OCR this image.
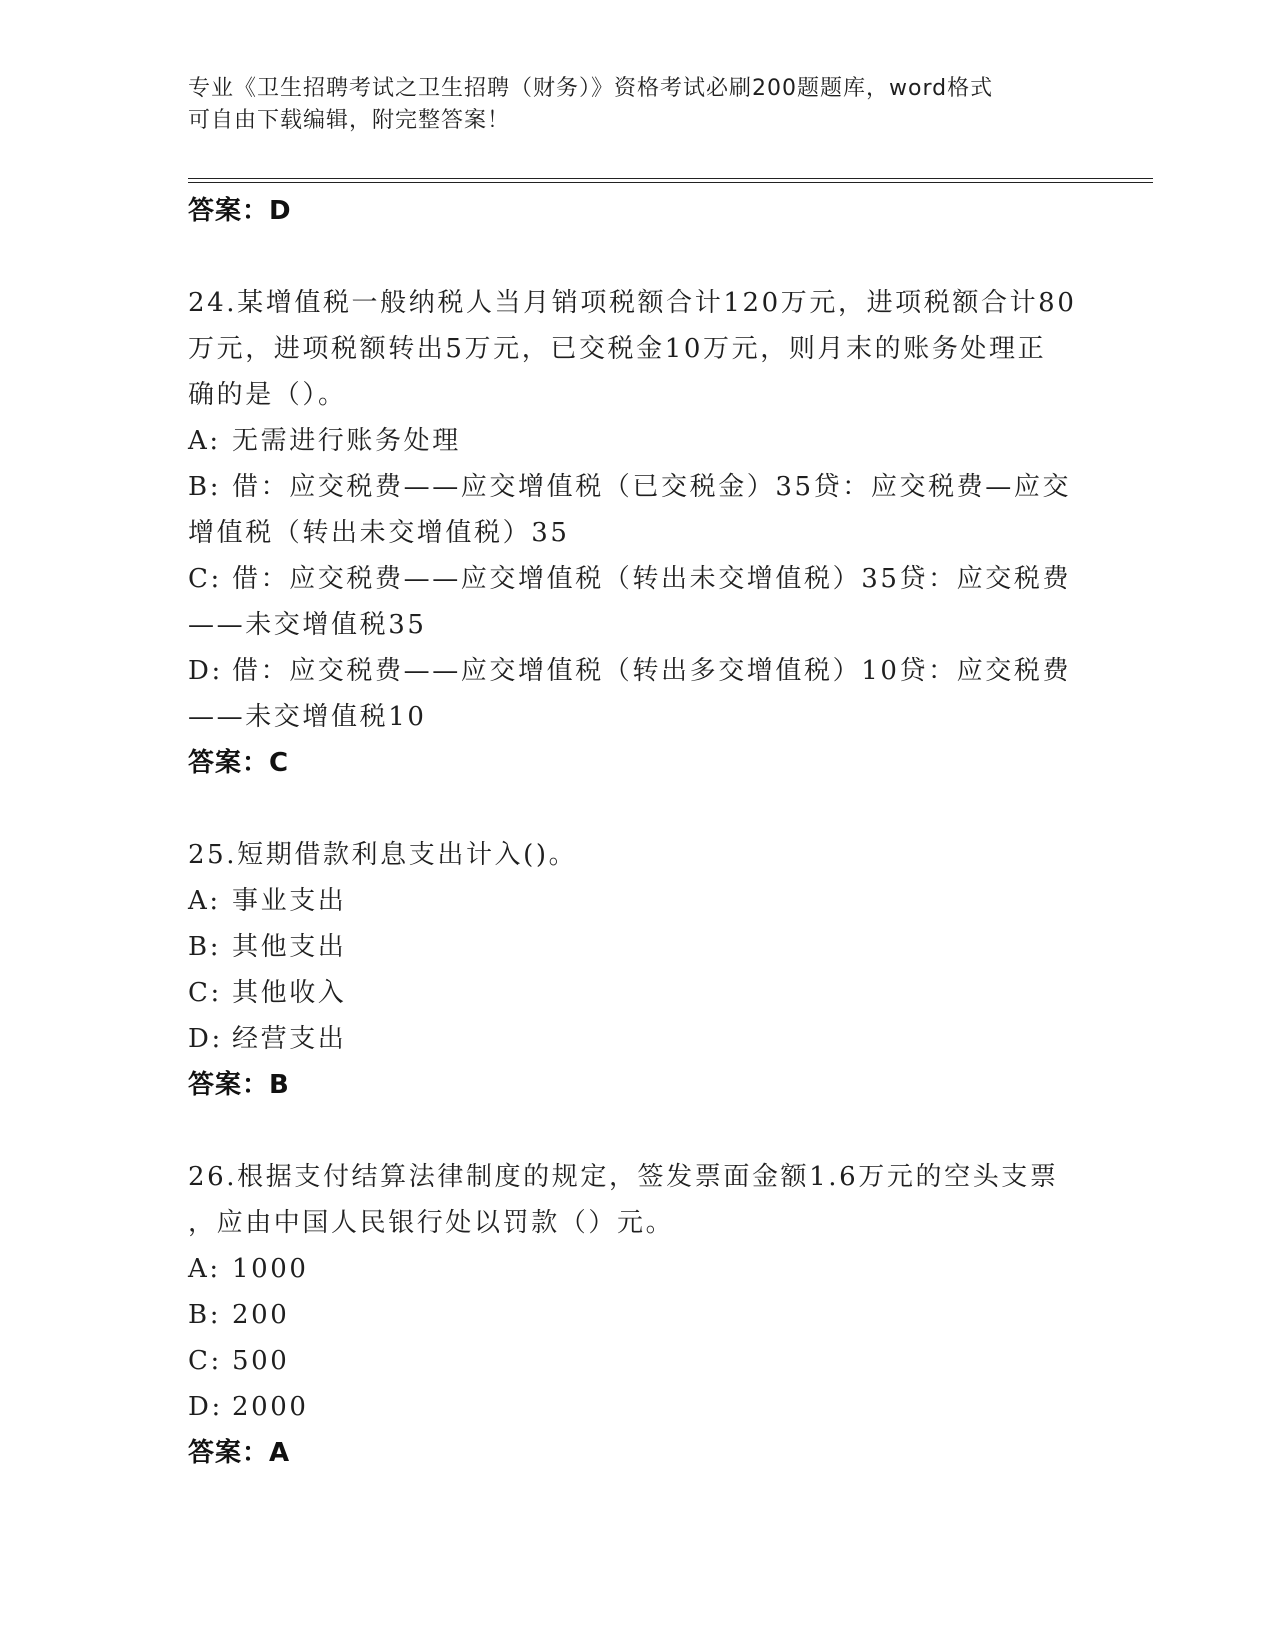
专业《卫生招聘考试之卫生招聘（财务）》资格考试必刷200题题库，word格式
可自由下载编辑，附完整答案！
答案：D
24.某增值税一般纳税人当月销项税额合计120万元，进项税额合计80
万元，进项税额转出5万元，已交税金10万元，则月末的账务处理正
确的是（）。
A: 无需进行账务处理
B: 借：应交税费——应交增值税（已交税金）35贷：应交税费—应交
增值税（转出未交增值税）35
C: 借：应交税费——应交增值税（转出未交增值税）35贷：应交税费
——未交增值税35
D: 借：应交税费——应交增值税（转出多交增值税）10贷：应交税费
——未交增值税10
答案：C
25.短期借款利息支出计入()。
A: 事业支出
B: 其他支出
C: 其他收入
D: 经营支出
答案：B
26.根据支付结算法律制度的规定，签发票面金额1.6万元的空头支票
，应由中国人民银行处以罚款（）元。
A: 1000
B: 200
C: 500
D: 2000
答案：A
